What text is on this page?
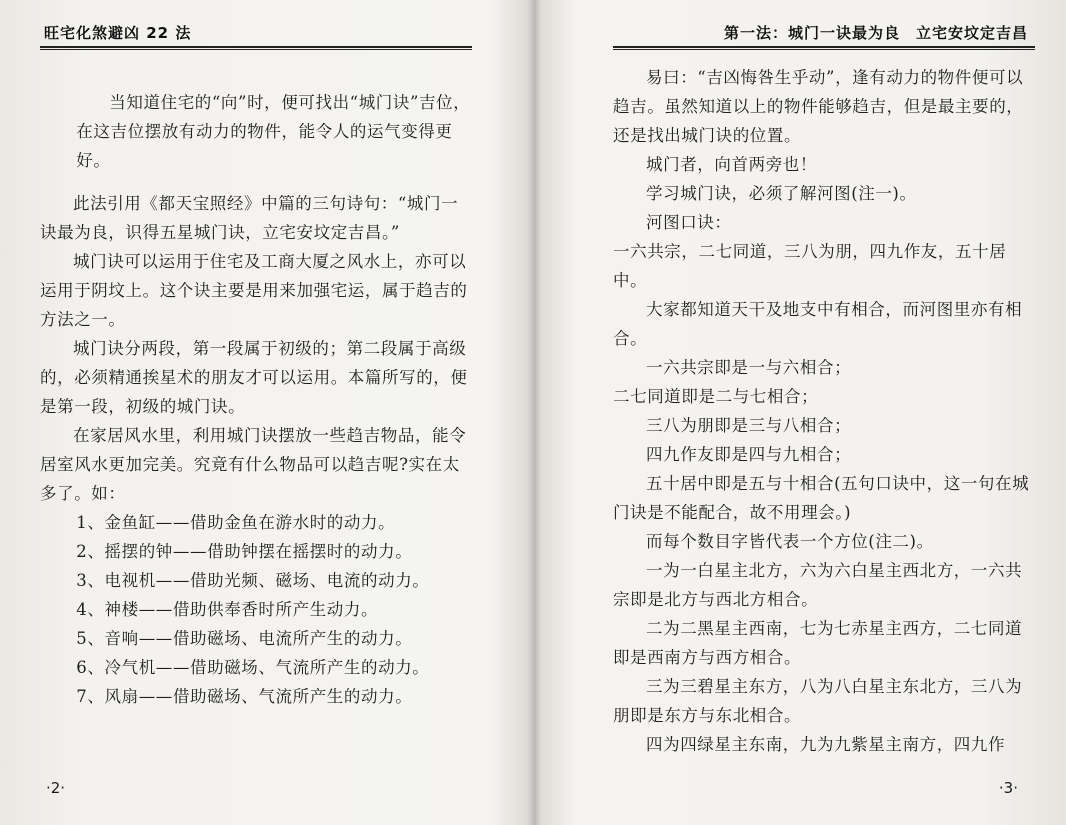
旺宅化煞避凶 22 法

当知道住宅的“向”时，便可找出“城门诀”吉位，在这吉位摆放有动力的物件，能令人的运气变得更好。

此法引用《都天宝照经》中篇的三句诗句：“城门一诀最为良，识得五星城门诀，立宅安坟定吉昌。”

城门诀可以运用于住宅及工商大厦之风水上，亦可以运用于阴坟上。这个诀主要是用来加强宅运，属于趋吉的方法之一。

城门诀分两段，第一段属于初级的；第二段属于高级的，必须精通挨星术的朋友才可以运用。本篇所写的，便是第一段，初级的城门诀。

在家居风水里，利用城门诀摆放一些趋吉物品，能令居室风水更加完美。究竟有什么物品可以趋吉呢?实在太多了。如：

1、金鱼缸——借助金鱼在游水时的动力。

2、摇摆的钟——借助钟摆在摇摆时的动力。

3、电视机——借助光频、磁场、电流的动力。

4、神楼——借助供奉香时所产生动力。

5、音响——借助磁场、电流所产生的动力。

6、冷气机——借助磁场、气流所产生的动力。

7、风扇——借助磁场、气流所产生的动力。

·2·
第一法：城门一诀最为良　立宅安坟定吉昌

易曰：“吉凶悔咎生乎动”，逢有动力的物件便可以趋吉。虽然知道以上的物件能够趋吉，但是最主要的，还是找出城门诀的位置。

城门者，向首两旁也！

学习城门诀，必须了解河图(注一)。

河图口诀：

一六共宗，二七同道，三八为朋，四九作友，五十居中。

大家都知道天干及地支中有相合，而河图里亦有相合。

一六共宗即是一与六相合；

二七同道即是二与七相合；

三八为朋即是三与八相合；

四九作友即是四与九相合；

五十居中即是五与十相合(五句口诀中，这一句在城门诀是不能配合，故不用理会。)

而每个数目字皆代表一个方位(注二)。

一为一白星主北方，六为六白星主西北方，一六共宗即是北方与西北方相合。

二为二黑星主西南，七为七赤星主西方，二七同道即是西南方与西方相合。

三为三碧星主东方，八为八白星主东北方，三八为朋即是东方与东北相合。

四为四绿星主东南，九为九紫星主南方，四九作

·3·
